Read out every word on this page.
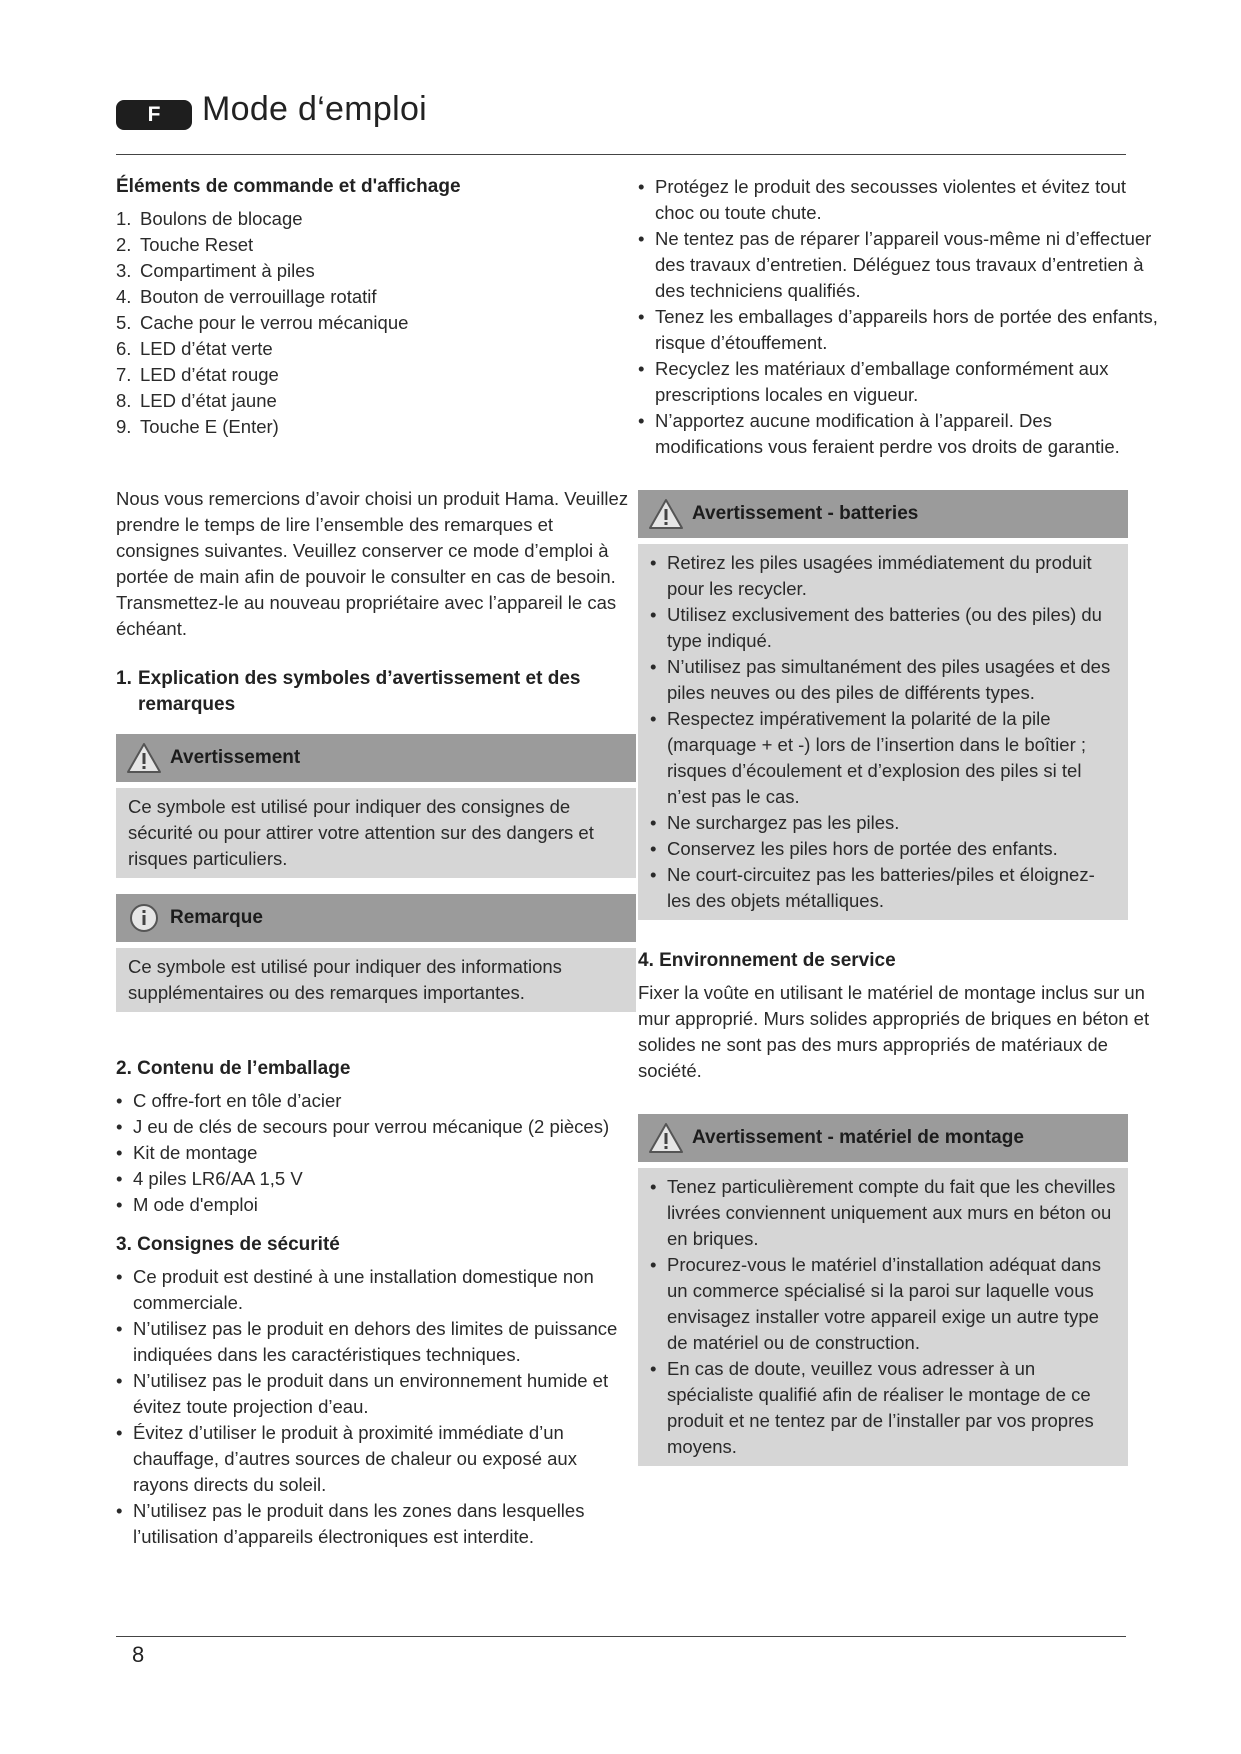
F	Mode d‘emploi
Éléments de commande et d'affichage
1. Boulons de blocage
2. Touche Reset
3. Compartiment à piles
4. Bouton de verrouillage rotatif
5. Cache pour le verrou mécanique
6. LED d’état verte
7. LED d’état rouge
8. LED d’état jaune
9. Touche E (Enter)

Nous vous remercions d’avoir choisi un produit Hama. Veuillez prendre le temps de lire l’ensemble des remarques et consignes suivantes. Veuillez conserver ce mode d’emploi à portée de main afin de pouvoir le consulter en cas de besoin. Transmettez-le au nouveau propriétaire avec l’appareil le cas échéant.

1. Explication des symboles d’avertissement et des remarques
Avertissement

Ce symbole est utilisé pour indiquer des consignes de sécurité ou pour attirer votre attention sur des dangers et risques particuliers.

Remarque

Ce symbole est utilisé pour indiquer des informations supplémentaires ou des remarques importantes.

2. Contenu de l’emballage
• C offre-fort en tôle d’acier
• J eu de clés de secours pour verrou mécanique (2 pièces)
• Kit de montage
• 4 piles LR6/AA 1,5 V
• M ode d'emploi
3. Consignes de sécurité
• Ce produit est destiné à une installation domestique non commerciale.
• N’utilisez pas le produit en dehors des limites de puissance indiquées dans les caractéristiques techniques.
• N’utilisez pas le produit dans un environnement humide et évitez toute projection d’eau.
• Évitez d’utiliser le produit à proximité immédiate d’un chauffage, d’autres sources de chaleur ou exposé aux rayons directs du soleil.
• N’utilisez pas le produit dans les zones dans lesquelles l’utilisation d’appareils électroniques est interdite.
• Protégez le produit des secousses violentes et évitez tout choc ou toute chute.
• Ne tentez pas de réparer l’appareil vous-même ni d’effectuer des travaux d’entretien. Déléguez tous travaux d’entretien à des techniciens qualifiés.
• Tenez les emballages d’appareils hors de portée des enfants, risque d’étouffement.
• Recyclez les matériaux d’emballage conformément aux prescriptions locales en vigueur.
• N’apportez aucune modification à l’appareil. Des modifications vous feraient perdre vos droits de garantie.
Avertissement - batteries
• Retirez les piles usagées immédiatement du produit pour les recycler.
• Utilisez exclusivement des batteries (ou des piles) du type indiqué.
• N’utilisez pas simultanément des piles usagées et des piles neuves ou des piles de différents types.
• Respectez impérativement la polarité de la pile (marquage + et -) lors de l’insertion dans le boîtier ; risques d’écoulement et d’explosion des piles si tel n’est pas le cas.
• Ne surchargez pas les piles.
• Conservez les piles hors de portée des enfants.
• Ne court-circuitez pas les batteries/piles et éloignez-les des objets métalliques.
4. Environnement de service

Fixer la voûte en utilisant le matériel de montage inclus sur un mur approprié. Murs solides appropriés de briques en béton et solides ne sont pas des murs appropriés de matériaux de société.

Avertissement - matériel de montage
• Tenez particulièrement compte du fait que les chevilles livrées conviennent uniquement aux murs en béton ou en briques.
• Procurez-vous le matériel d’installation adéquat dans un commerce spécialisé si la paroi sur laquelle vous envisagez installer votre appareil exige un autre type de matériel ou de construction.
• En cas de doute, veuillez vous adresser à un spécialiste qualifié afin de réaliser le montage de ce produit et ne tentez par de l’installer par vos propres moyens.
8
